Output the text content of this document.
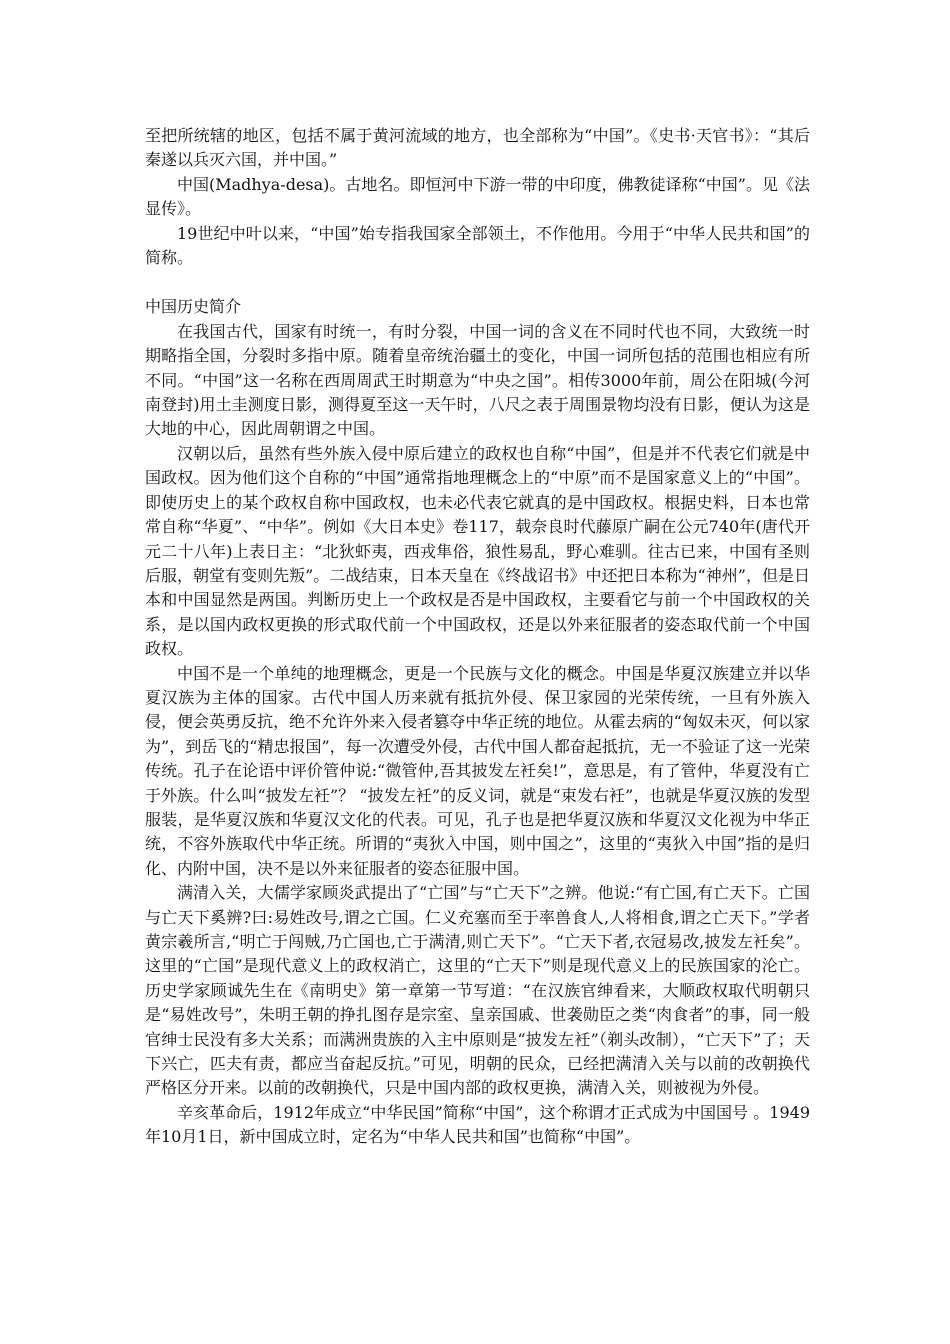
至把所统辖的地区，包括不属于黄河流域的地方，也全部称为“中国”。《史书·天官书》：“其后秦遂以兵灭六国，并中国。”

中国(Madhya-desa)。古地名。即恒河中下游一带的中印度，佛教徒译称“中国”。见《法显传》。

19世纪中叶以来，“中国”始专指我国家全部领土，不作他用。今用于“中华人民共和国”的简称。

中国历史简介

在我国古代，国家有时统一，有时分裂，中国一词的含义在不同时代也不同，大致统一时期略指全国，分裂时多指中原。随着皇帝统治疆土的变化，中国一词所包括的范围也相应有所不同。“中国”这一名称在西周周武王时期意为“中央之国”。相传3000年前，周公在阳城(今河南登封)用土圭测度日影，测得夏至这一天午时，八尺之表于周围景物均没有日影，便认为这是大地的中心，因此周朝谓之中国。

汉朝以后，虽然有些外族入侵中原后建立的政权也自称“中国”，但是并不代表它们就是中国政权。因为他们这个自称的“中国”通常指地理概念上的“中原”而不是国家意义上的“中国”。即使历史上的某个政权自称中国政权，也未必代表它就真的是中国政权。根据史料，日本也常常自称“华夏”、“中华”。例如《大日本史》卷117，载奈良时代藤原广嗣在公元740年(唐代开元二十八年)上表日主：“北狄虾夷，西戎隼俗，狼性易乱，野心难驯。往古已来，中国有圣则后服，朝堂有变则先叛”。二战结束，日本天皇在《终战诏书》中还把日本称为“神州”，但是日本和中国显然是两国。判断历史上一个政权是否是中国政权，主要看它与前一个中国政权的关系，是以国内政权更换的形式取代前一个中国政权，还是以外来征服者的姿态取代前一个中国政权。

中国不是一个单纯的地理概念，更是一个民族与文化的概念。中国是华夏汉族建立并以华夏汉族为主体的国家。古代中国人历来就有抵抗外侵、保卫家园的光荣传统，一旦有外族入侵，便会英勇反抗，绝不允许外来入侵者篡夺中华正统的地位。从霍去病的“匈奴未灭，何以家为”，到岳飞的“精忠报国”，每一次遭受外侵，古代中国人都奋起抵抗，无一不验证了这一光荣传统。孔子在论语中评价管仲说:“微管仲,吾其披发左衽矣!”，意思是，有了管仲，华夏没有亡于外族。什么叫“披发左衽”？ “披发左衽”的反义词，就是“束发右衽”，也就是华夏汉族的发型服装，是华夏汉族和华夏汉文化的代表。可见，孔子也是把华夏汉族和华夏汉文化视为中华正统，不容外族取代中华正统。所谓的“夷狄入中国，则中国之”，这里的“夷狄入中国”指的是归化、内附中国，决不是以外来征服者的姿态征服中国。

满清入关，大儒学家顾炎武提出了“亡国”与“亡天下”之辨。他说:“有亡国,有亡天下。亡国与亡天下奚辨?曰:易姓改号,谓之亡国。仁义充塞而至于率兽食人,人将相食,谓之亡天下。”学者黄宗羲所言,“明亡于闯贼,乃亡国也,亡于满清,则亡天下”。“亡天下者,衣冠易改,披发左衽矣”。这里的“亡国”是现代意义上的政权消亡，这里的“亡天下”则是现代意义上的民族国家的沦亡。 历史学家顾诚先生在《南明史》第一章第一节写道：“在汉族官绅看来，大顺政权取代明朝只是“易姓改号”，朱明王朝的挣扎图存是宗室、皇亲国戚、世袭勋臣之类“肉食者”的事，同一般官绅士民没有多大关系；而满洲贵族的入主中原则是“披发左衽”（剃头改制），“亡天下”了；天下兴亡，匹夫有责，都应当奋起反抗。”可见，明朝的民众，已经把满清入关与以前的改朝换代严格区分开来。以前的改朝换代，只是中国内部的政权更换，满清入关，则被视为外侵。

辛亥革命后，1912年成立“中华民国”简称“中国”，这个称谓才正式成为中国国号 。1949年10月1日，新中国成立时，定名为“中华人民共和国”也简称“中国”。
